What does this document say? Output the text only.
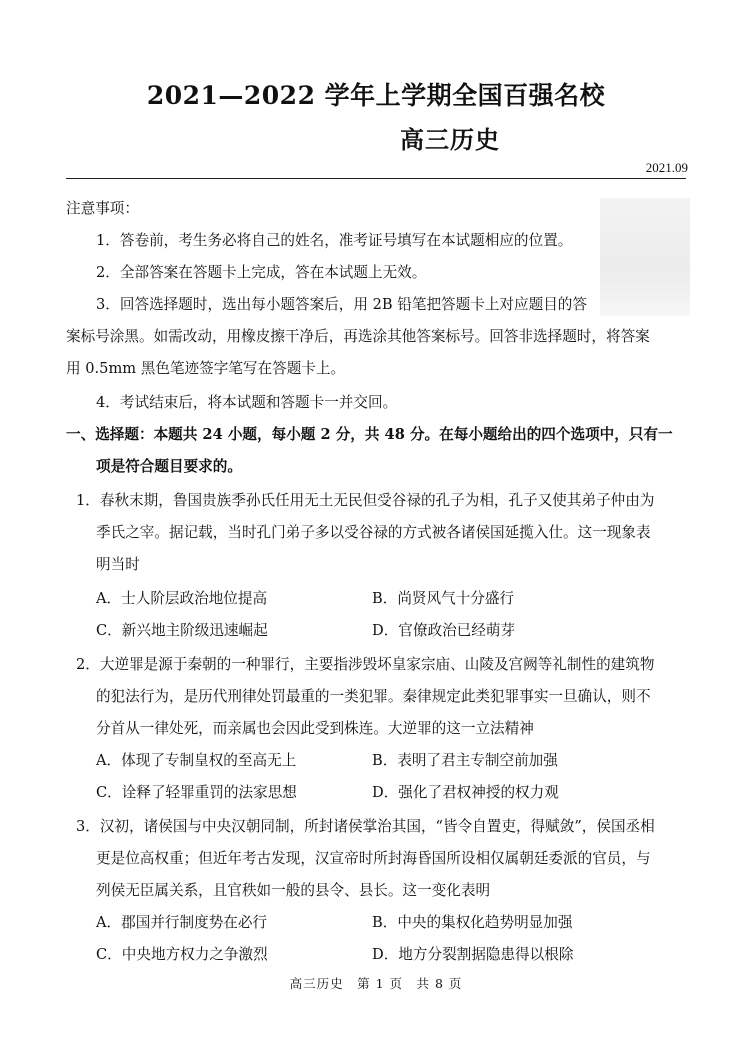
2021—2022 学年上学期全国百强名校
高三历史
2021.09
注意事项：
1．答卷前，考生务必将自己的姓名，准考证号填写在本试题相应的位置。
2．全部答案在答题卡上完成，答在本试题上无效。
3．回答选择题时，选出每小题答案后，用 2B 铅笔把答题卡上对应题目的答
案标号涂黑。如需改动，用橡皮擦干净后，再选涂其他答案标号。回答非选择题时，将答案
用 0.5mm 黑色笔迹签字笔写在答题卡上。
4．考试结束后，将本试题和答题卡一并交回。
一、选择题：本题共 24 小题，每小题 2 分，共 48 分。在每小题给出的四个选项中，只有一
项是符合题目要求的。
1．春秋末期，鲁国贵族季孙氏任用无土无民但受谷禄的孔子为相，孔子又使其弟子仲由为
季氏之宰。据记载，当时孔门弟子多以受谷禄的方式被各诸侯国延揽入仕。这一现象表
明当时
A．士人阶层政治地位提高	B．尚贤风气十分盛行
C．新兴地主阶级迅速崛起	D．官僚政治已经萌芽
2．大逆罪是源于秦朝的一种罪行，主要指涉毁坏皇家宗庙、山陵及宫阙等礼制性的建筑物
的犯法行为，是历代刑律处罚最重的一类犯罪。秦律规定此类犯罪事实一旦确认，则不
分首从一律处死，而亲属也会因此受到株连。大逆罪的这一立法精神
A．体现了专制皇权的至高无上	B．表明了君主专制空前加强
C．诠释了轻罪重罚的法家思想	D．强化了君权神授的权力观
3．汉初，诸侯国与中央汉朝同制，所封诸侯掌治其国，“皆令自置吏，得赋敛”，侯国丞相
更是位高权重；但近年考古发现，汉宣帝时所封海昏国所设相仅属朝廷委派的官员，与
列侯无臣属关系，且官秩如一般的县令、县长。这一变化表明
A．郡国并行制度势在必行	B．中央的集权化趋势明显加强
C．中央地方权力之争激烈	D．地方分裂割据隐患得以根除
高三历史　第 1 页　共 8 页
